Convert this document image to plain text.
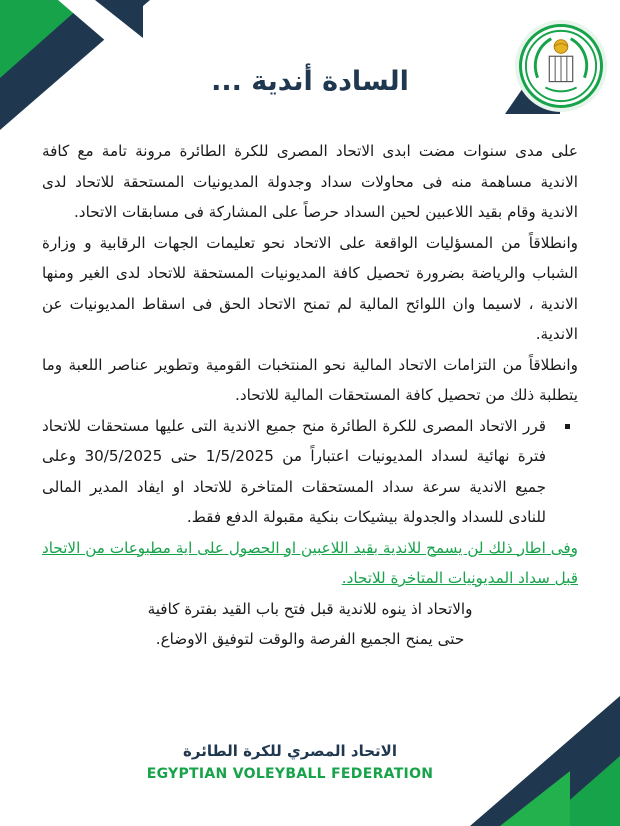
السادة أندية ...

على مدى سنوات مضت ابدى الاتحاد المصرى للكرة الطائرة مرونة تامة مع كافة الاندية مساهمة منه فى محاولات سداد وجدولة المديونيات المستحقة للاتحاد لدى الاندية وقام بقيد اللاعبين لحين السداد حرصاً على المشاركة فى مسابقات الاتحاد.

وانطلاقاً من المسؤليات الواقعة على الاتحاد نحو تعليمات الجهات الرقابية و وزارة الشباب والرياضة بضرورة تحصيل كافة المديونيات المستحقة للاتحاد لدى الغير ومنها الاندية ، لاسيما وان اللوائح المالية لم تمنح الاتحاد الحق فى اسقاط المديونيات عن الاندية.

وانطلاقاً من التزامات الاتحاد المالية نحو المنتخبات القومية وتطوير عناصر اللعبة وما يتطلبة ذلك من تحصيل كافة المستحقات المالية للاتحاد.

قرر الاتحاد المصرى للكرة الطائرة منح جميع الاندية التى عليها مستحقات للاتحاد فترة نهائية لسداد المديونيات اعتباراً من 1/5/2025 حتى 30/5/2025 وعلى جميع الاندية سرعة سداد المستحقات المتاخرة للاتحاد او ايفاد المدير المالى للنادى للسداد والجدولة بيشيكات بنكية مقبولة الدفع فقط.

وفى اطار ذلك لن يسمح للاندية بقيد اللاعبين او الحصول على اية مطبوعات من الاتحاد قبل سداد المديونيات المتاخرة للاتحاد.

والاتحاد اذ ينوه للاندية قبل فتح باب القيد بفترة كافية

حتى يمنح الجميع الفرصة والوقت لتوفيق الاوضاع.

الاتحاد المصري للكرة الطائرة
EGYPTIAN VOLEYBALL FEDERATION
